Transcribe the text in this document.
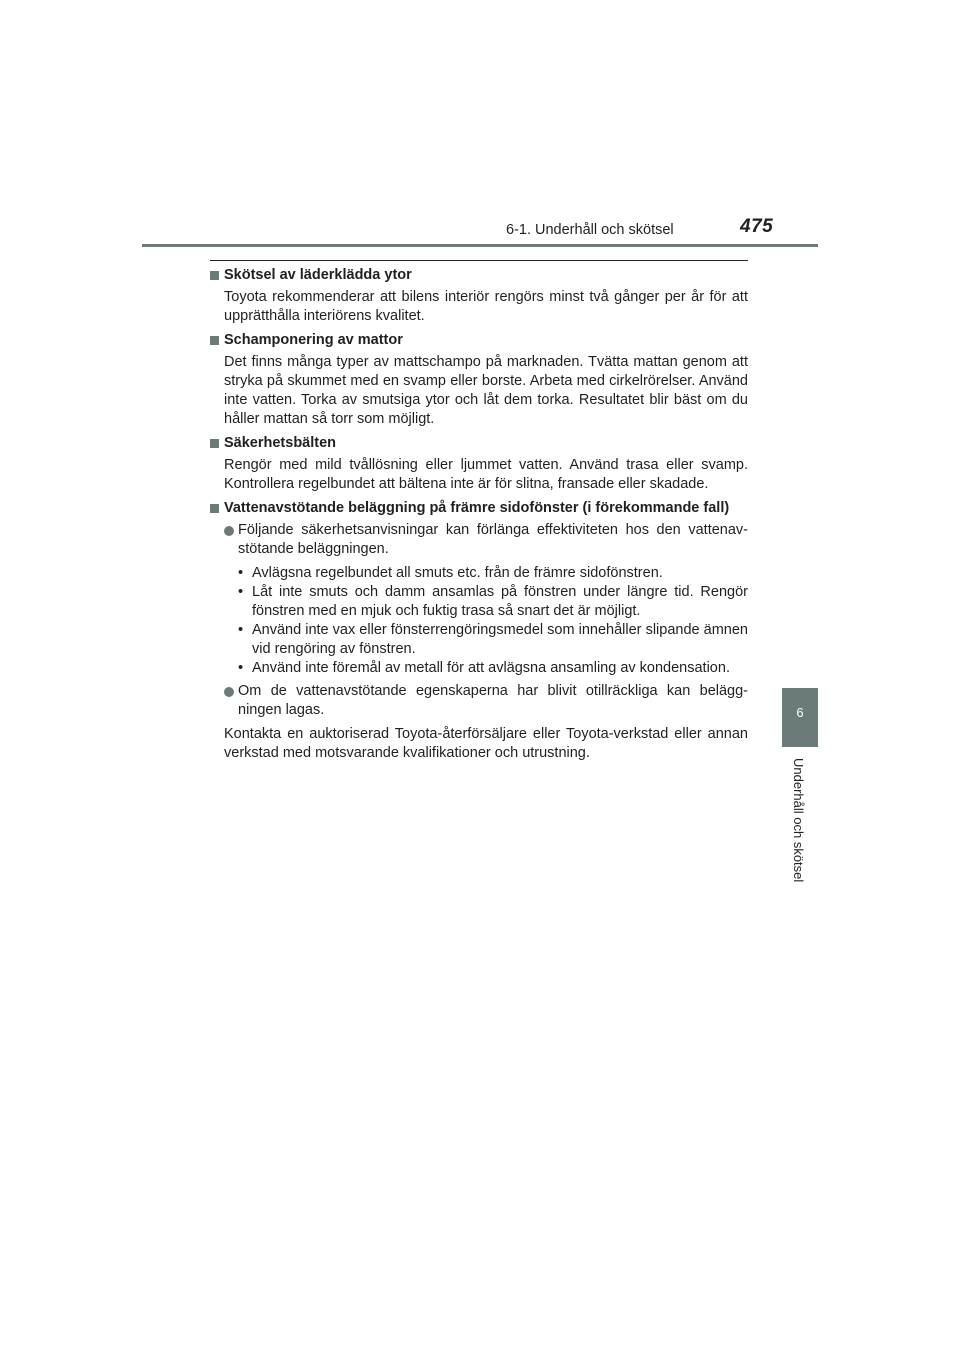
6-1. Underhåll och skötsel	475
6
Underhåll och skötsel
Skötsel av läderklädda ytor

Toyota rekommenderar att bilens interiör rengörs minst två gånger per år för att upprätthålla interiörens kvalitet.

Schamponering av mattor

Det finns många typer av mattschampo på marknaden. Tvätta mattan genom att stryka på skummet med en svamp eller borste. Arbeta med cirkelrörelser. Använd inte vatten. Torka av smutsiga ytor och låt dem torka. Resultatet blir bäst om du håller mattan så torr som möjligt.

Säkerhetsbälten

Rengör med mild tvållösning eller ljummet vatten. Använd trasa eller svamp. Kontrollera regelbundet att bältena inte är för slitna, fransade eller skadade.

Vattenavstötande beläggning på främre sidofönster (i förekommande fall)
Följande säkerhetsanvisningar kan förlänga effektiviteten hos den vattenav-stötande beläggningen.
• Avlägsna regelbundet all smuts etc. från de främre sidofönstren.
• Låt inte smuts och damm ansamlas på fönstren under längre tid. Rengör fönstren med en mjuk och fuktig trasa så snart det är möjligt.
• Använd inte vax eller fönsterrengöringsmedel som innehåller slipande ämnen vid rengöring av fönstren.
• Använd inte föremål av metall för att avlägsna ansamling av kondensation.
Om de vattenavstötande egenskaperna har blivit otillräckliga kan belägg-ningen lagas.

Kontakta en auktoriserad Toyota-återförsäljare eller Toyota-verkstad eller annan verkstad med motsvarande kvalifikationer och utrustning.
